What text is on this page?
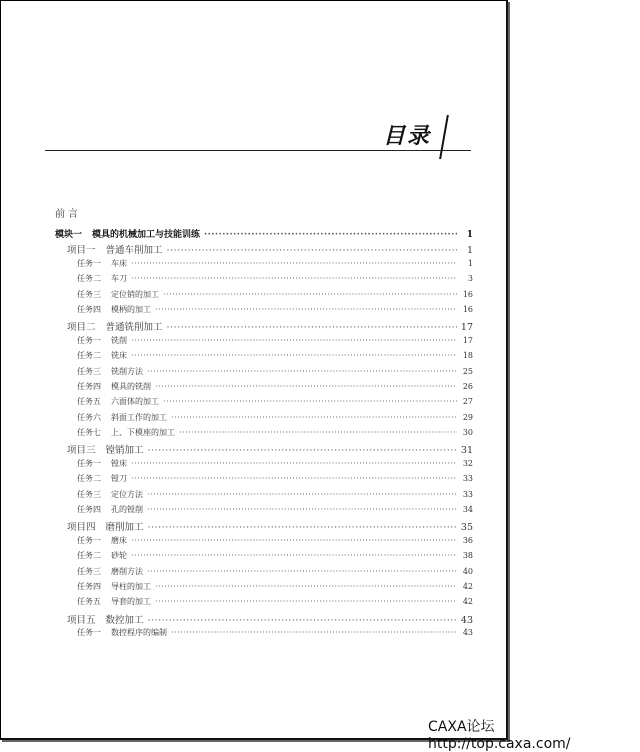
目录
前言
模块一 模具的机械加工与技能训练 ·····	1
项目一 普通车削加工 ·····	1
任务一 车床 ·····	1
任务二 车刀 ·····	3
任务三 定位销的加工 ·····	16
任务四 模柄的加工 ·····	16
项目二 普通铣削加工 ·····	17
任务一 铣削 ·····	17
任务二 铣床 ·····	18
任务三 铣削方法 ·····	25
任务四 模具的铣削 ·····	26
任务五 六面体的加工 ·····	27
任务六 斜面工作的加工 ·····	29
任务七 上、下模座的加工 ·····	30
项目三 镗销加工 ·····	31
任务一 镗床 ·····	32
任务二 镗刀 ·····	33
任务三 定位方法 ·····	33
任务四 孔的镗削 ·····	34
项目四 磨削加工 ·····	35
任务一 磨床 ·····	36
任务二 砂轮 ·····	38
任务三 磨削方法 ·····	40
任务四 导柱的加工 ·····	42
任务五 导套的加工 ·····	42
项目五 数控加工 ·····	43
任务一 数控程序的编制 ·····	43
CAXA论坛 http://top.caxa.com/
